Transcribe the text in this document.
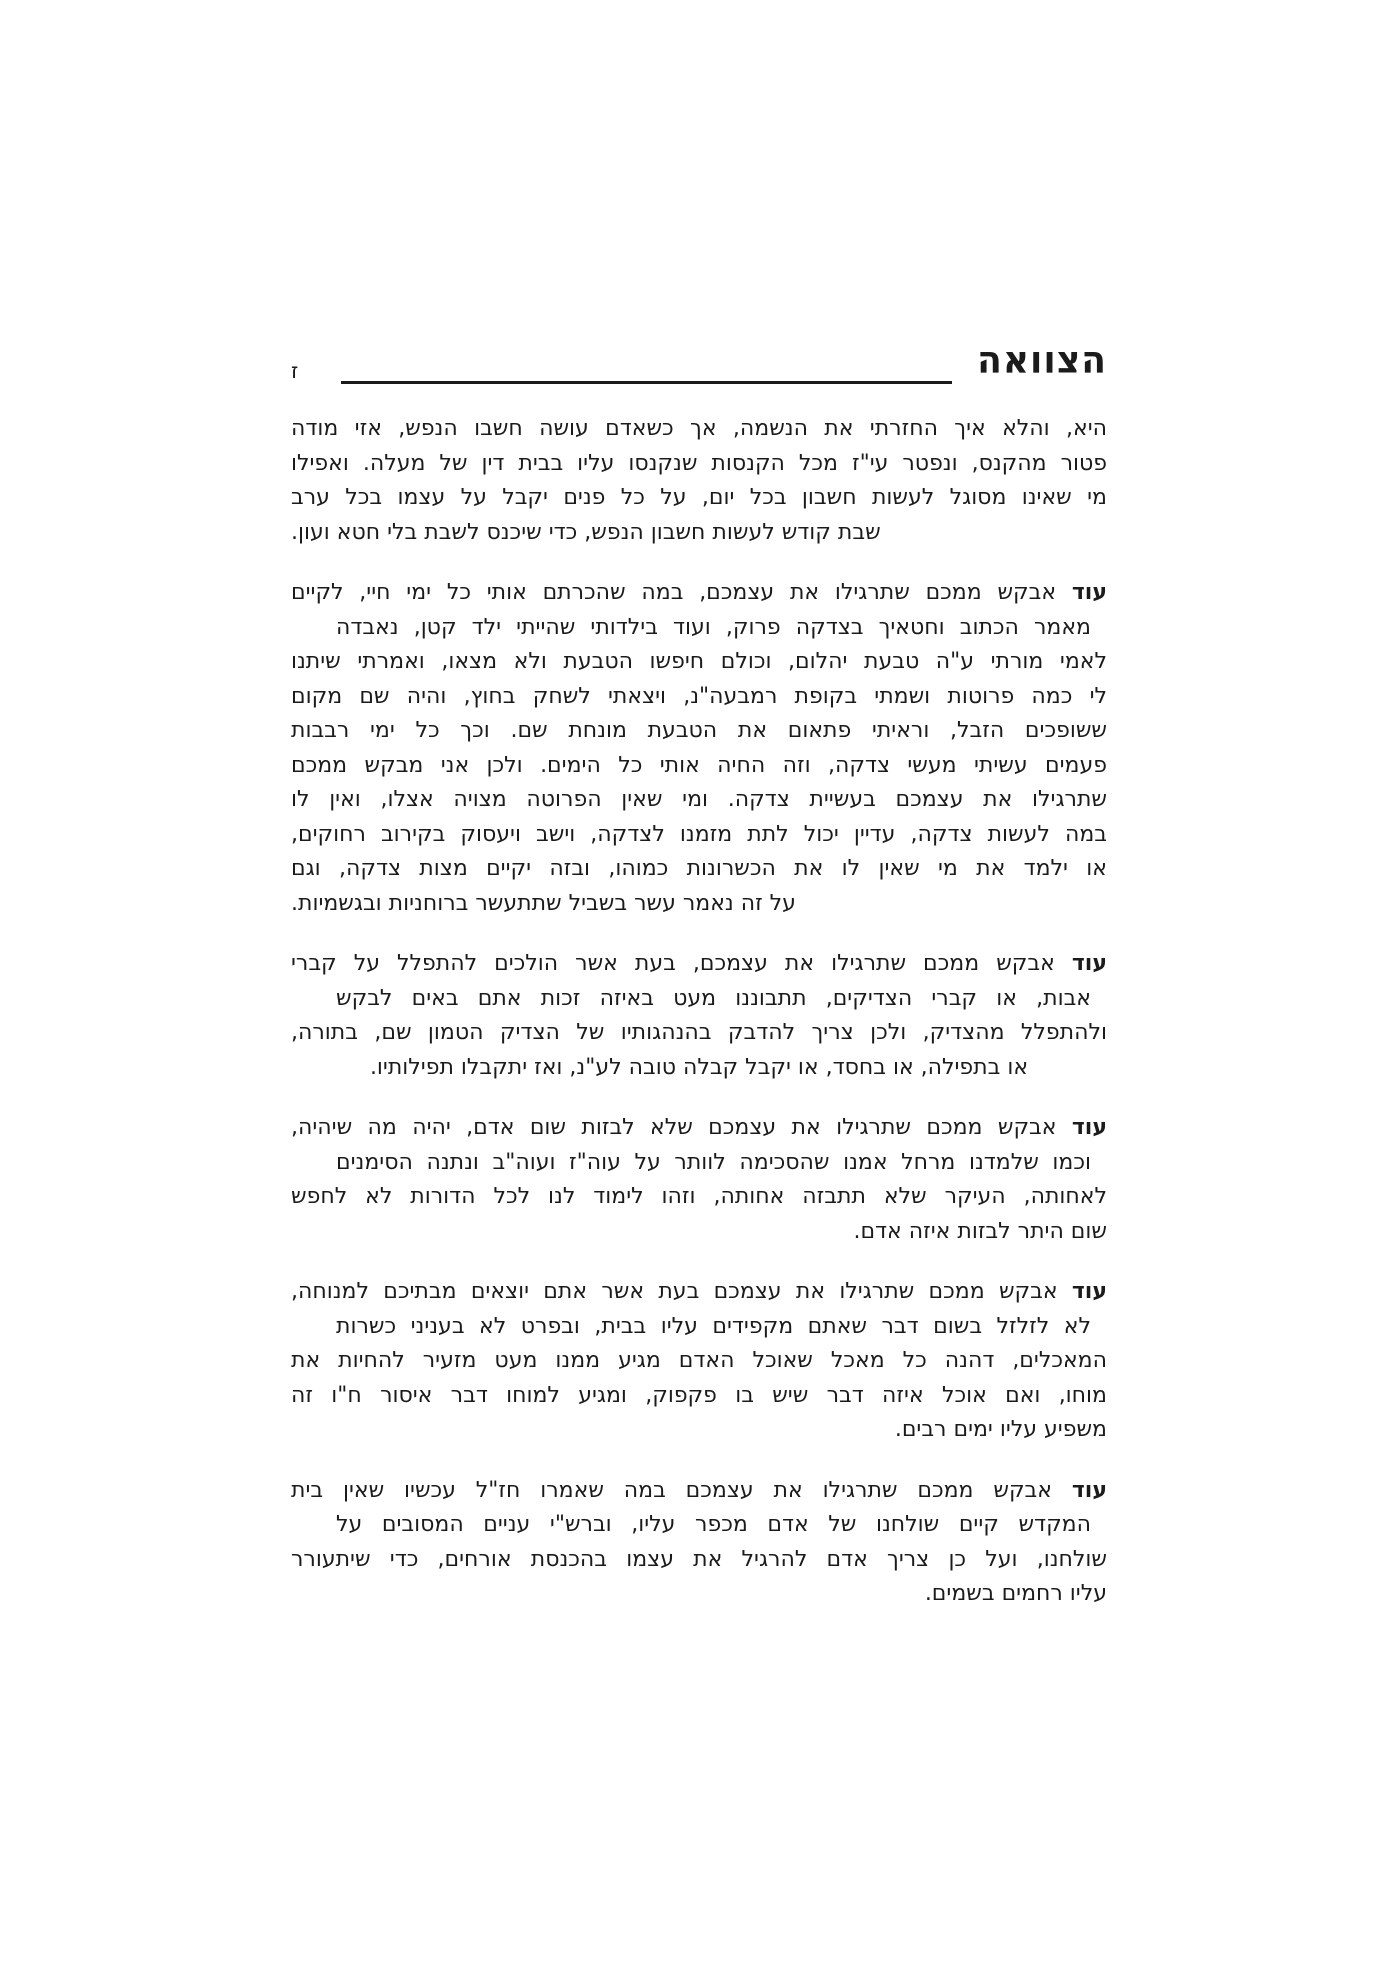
הצוואה
ז
היא, והלא איך החזרתי את הנשמה, אך כשאדם עושה חשבו הנפש, אזי מודה
פטור מהקנס, ונפטר עי"ז מכל הקנסות שנקנסו עליו בבית דין של מעלה. ואפילו
מי שאינו מסוגל לעשות חשבון בכל יום, על כל פנים יקבל על עצמו בכל ערב
שבת קודש לעשות חשבון הנפש, כדי שיכנס לשבת בלי חטא ועון.
עוד אבקש ממכם שתרגילו את עצמכם, במה שהכרתם אותי כל ימי חיי, לקיים
מאמר הכתוב וחטאיך בצדקה פרוק, ועוד בילדותי שהייתי ילד קטן, נאבדה
לאמי מורתי ע"ה טבעת יהלום, וכולם חיפשו הטבעת ולא מצאו, ואמרתי שיתנו
לי כמה פרוטות ושמתי בקופת רמבעה"נ, ויצאתי לשחק בחוץ, והיה שם מקום
ששופכים הזבל, וראיתי פתאום את הטבעת מונחת שם. וכך כל ימי רבבות
פעמים עשיתי מעשי צדקה, וזה החיה אותי כל הימים. ולכן אני מבקש ממכם
שתרגילו את עצמכם בעשיית צדקה. ומי שאין הפרוטה מצויה אצלו, ואין לו
במה לעשות צדקה, עדיין יכול לתת מזמנו לצדקה, וישב ויעסוק בקירוב רחוקים,
או ילמד את מי שאין לו את הכשרונות כמוהו, ובזה יקיים מצות צדקה, וגם
על זה נאמר עשר בשביל שתתעשר ברוחניות ובגשמיות.
עוד אבקש ממכם שתרגילו את עצמכם, בעת אשר הולכים להתפלל על קברי
אבות, או קברי הצדיקים, תתבוננו מעט באיזה זכות אתם באים לבקש
ולהתפלל מהצדיק, ולכן צריך להדבק בהנהגותיו של הצדיק הטמון שם, בתורה,
או בתפילה, או בחסד, או יקבל קבלה טובה לע"נ, ואז יתקבלו תפילותיו.
עוד אבקש ממכם שתרגילו את עצמכם שלא לבזות שום אדם, יהיה מה שיהיה,
וכמו שלמדנו מרחל אמנו שהסכימה לוותר על עוה"ז ועוה"ב ונתנה הסימנים
לאחותה, העיקר שלא תתבזה אחותה, וזהו לימוד לנו לכל הדורות לא לחפש
שום היתר לבזות איזה אדם.
עוד אבקש ממכם שתרגילו את עצמכם בעת אשר אתם יוצאים מבתיכם למנוחה,
לא לזלזל בשום דבר שאתם מקפידים עליו בבית, ובפרט לא בעניני כשרות
המאכלים, דהנה כל מאכל שאוכל האדם מגיע ממנו מעט מזעיר להחיות את
מוחו, ואם אוכל איזה דבר שיש בו פקפוק, ומגיע למוחו דבר איסור ח"ו זה
משפיע עליו ימים רבים.
עוד אבקש ממכם שתרגילו את עצמכם במה שאמרו חז"ל עכשיו שאין בית
המקדש קיים שולחנו של אדם מכפר עליו, וברש"י עניים המסובים על
שולחנו, ועל כן צריך אדם להרגיל את עצמו בהכנסת אורחים, כדי שיתעורר
עליו רחמים בשמים.
